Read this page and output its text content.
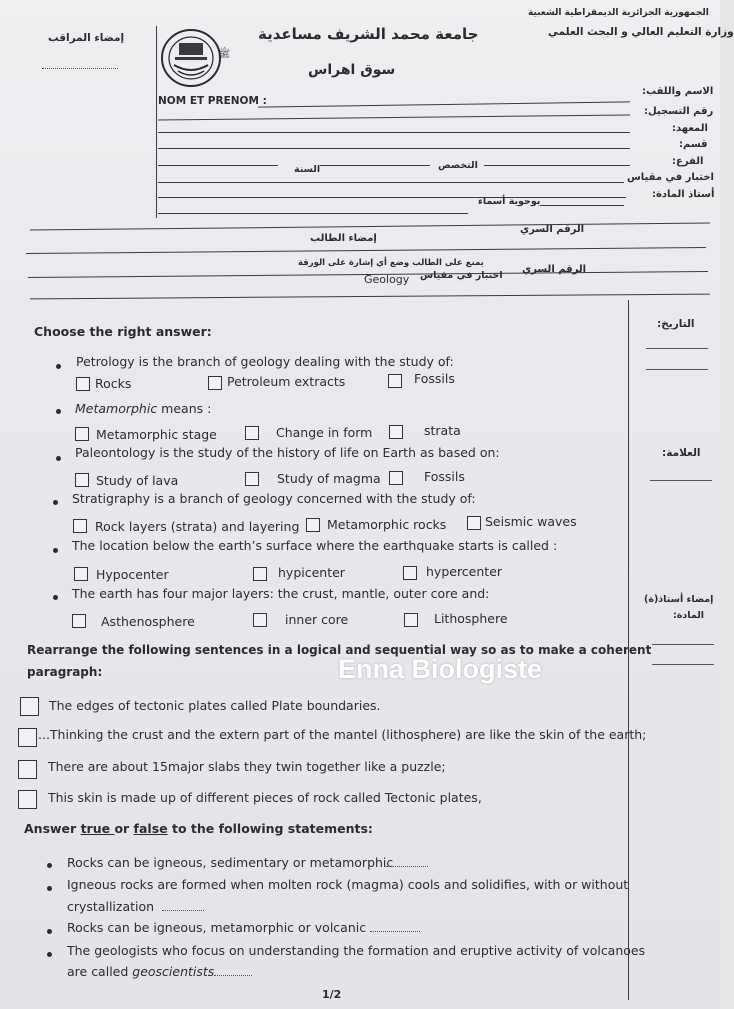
الجمهورية الجزائرية الديمقراطية الشعبية
وزارة التعليم العالي و البحث العلمي
جامعة محمد الشريف مساعدية
سوق اهراس
إمضاء المراقب
ﷺ
NOM ET PRENOM :
الاسم واللقب:
رقم التسجيل:
المعهد:
قسم:
الفرع:
اختبار في مقياس
أستاذ المادة:
السنة	التخصص
بوحوية أسماء
الرقم السري
إمضاء الطالب
يمنع على الطالب وضع أي إشارة على الورقة
الرقم السري
اختبار في مقياس
Geology
التاريخ:
العلامة:
إمضاء أستاذ(ة)
المادة:
Choose the right answer:
Petrology is the branch of geology dealing with the study of:
Rocks	Petroleum extracts	Fossils
Metamorphic means :
Metamorphic stage	Change in form	strata
Paleontology is the study of the history of life on Earth as based on:
Study of lava	Study of magma	Fossils
Stratigraphy is a branch of geology concerned with the study of:
Rock layers (strata) and layering Metamorphic rocks	Seismic waves
The location below the earth’s surface where the earthquake starts is called :
Hypocenter	hypicenter	hypercenter
The earth has four major layers: the crust, mantle, outer core and:
Asthenosphere	inner core	Lithosphere
Rearrange the following sentences in a logical and sequential way so as to make a coherent
paragraph:	Enna Biologiste
The edges of tectonic plates called Plate boundaries.
...Thinking the crust and the extern part of the mantel (lithosphere) are like the skin of the earth;
There are about 15major slabs they twin together like a puzzle;
This skin is made up of different pieces of rock called Tectonic plates,
Answer true or false to the following statements:
Rocks can be igneous, sedimentary or metamorphic
Igneous rocks are formed when molten rock (magma) cools and solidifies, with or without
crystallization
Rocks can be igneous, metamorphic or volcanic
The geologists who focus on understanding the formation and eruptive activity of volcanoes
are called geoscientists
1/2
